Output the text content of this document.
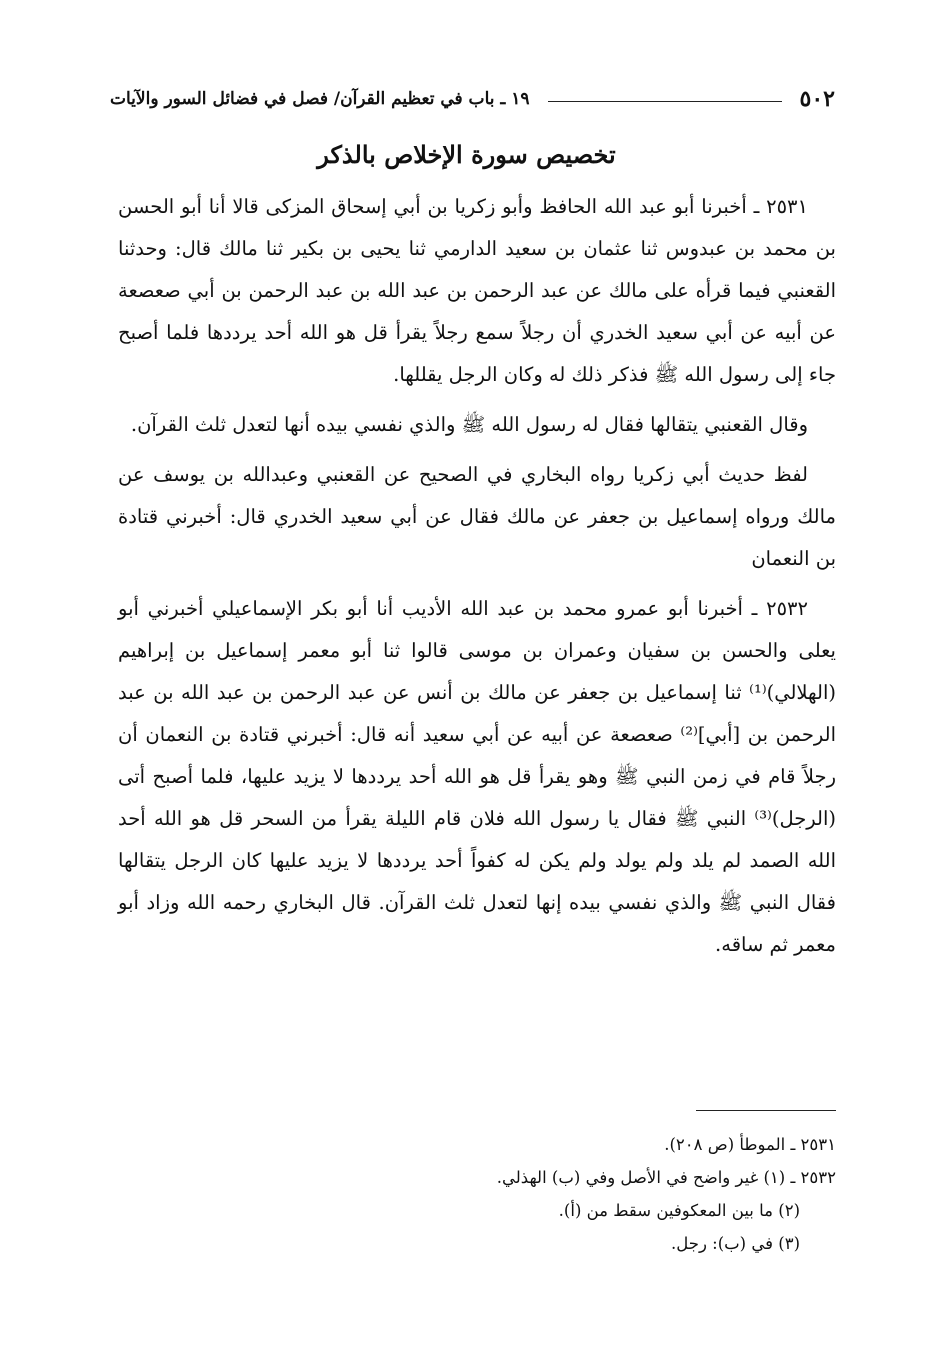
٥٠٢
١٩ ـ باب في تعظيم القرآن/ فصل في فضائل السور والآيات
تخصيص سورة الإخلاص بالذكر

٢٥٣١ ـ أخبرنا أبو عبد الله الحافظ وأبو زكريا بن أبي إسحاق المزكى قالا أنا أبو الحسن بن محمد بن عبدوس ثنا عثمان بن سعيد الدارمي ثنا يحيى بن بكير ثنا مالك قال: وحدثنا القعنبي فيما قرأه على مالك عن عبد الرحمن بن عبد الله بن عبد الرحمن بن أبي صعصعة عن أبيه عن أبي سعيد الخدري أن رجلاً سمع رجلاً يقرأ قل هو الله أحد يرددها فلما أصبح جاء إلى رسول الله ﷺ فذكر ذلك له وكان الرجل يقللها.

وقال القعنبي يتقالها فقال له رسول الله ﷺ والذي نفسي بيده أنها لتعدل ثلث القرآن.

لفظ حديث أبي زكريا رواه البخاري في الصحيح عن القعنبي وعبدالله بن يوسف عن مالك ورواه إسماعيل بن جعفر عن مالك فقال عن أبي سعيد الخدري قال: أخبرني قتادة بن النعمان

٢٥٣٢ ـ أخبرنا أبو عمرو محمد بن عبد الله الأديب أنا أبو بكر الإسماعيلي أخبرني أبو يعلى والحسن بن سفيان وعمران بن موسى قالوا ثنا أبو معمر إسماعيل بن إبراهيم (الهلالي)⁽¹⁾ ثنا إسماعيل بن جعفر عن مالك بن أنس عن عبد الرحمن بن عبد الله بن عبد الرحمن بن [أبي]⁽²⁾ صعصعة عن أبيه عن أبي سعيد أنه قال: أخبرني قتادة بن النعمان أن رجلاً قام في زمن النبي ﷺ وهو يقرأ قل هو الله أحد يرددها لا يزيد عليها، فلما أصبح أتى (الرجل)⁽³⁾ النبي ﷺ فقال يا رسول الله فلان قام الليلة يقرأ من السحر قل هو الله أحد الله الصمد لم يلد ولم يولد ولم يكن له كفواً أحد يرددها لا يزيد عليها كان الرجل يتقالها فقال النبي ﷺ والذي نفسي بيده إنها لتعدل ثلث القرآن. قال البخاري رحمه الله وزاد أبو معمر ثم ساقه.

٢٥٣١ ـ الموطأ (ص ٢٠٨).

٢٥٣٢ ـ (١) غير واضح في الأصل وفي (ب) الهذلي.

(٢) ما بين المعكوفين سقط من (أ).

(٣) في (ب): رجل.
